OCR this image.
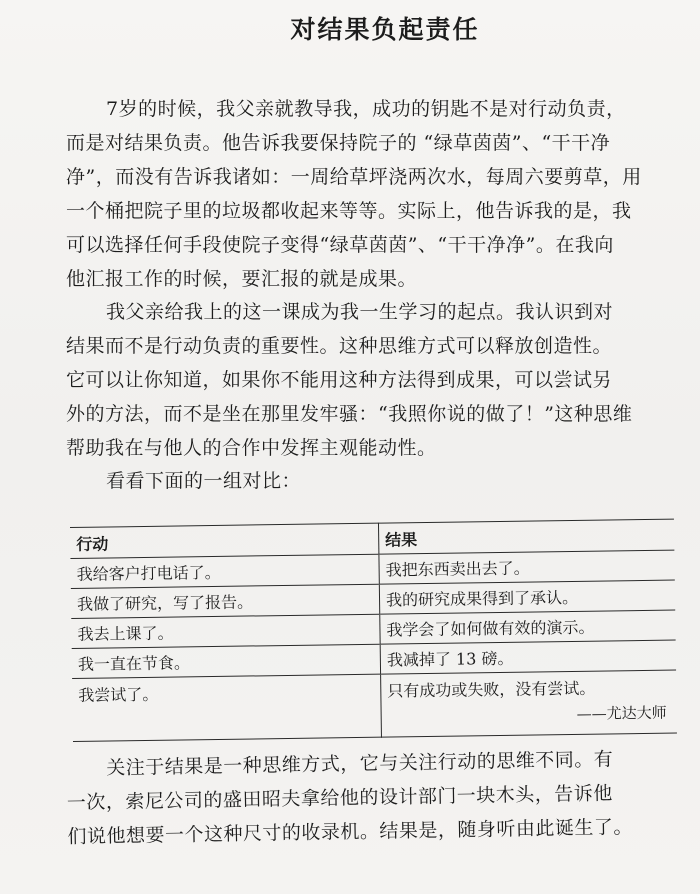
对结果负起责任
7岁的时候，我父亲就教导我，成功的钥匙不是对行动负责，
而是对结果负责。他告诉我要保持院子的 “绿草茵茵”、“干干净
净”，而没有告诉我诸如：一周给草坪浇两次水，每周六要剪草，用
一个桶把院子里的垃圾都收起来等等。实际上，他告诉我的是，我
可以选择任何手段使院子变得“绿草茵茵”、“干干净净”。在我向
他汇报工作的时候，要汇报的就是成果。
我父亲给我上的这一课成为我一生学习的起点。我认识到对
结果而不是行动负责的重要性。这种思维方式可以释放创造性。
它可以让你知道，如果你不能用这种方法得到成果，可以尝试另
外的方法，而不是坐在那里发牢骚：“我照你说的做了！”这种思维
帮助我在与他人的合作中发挥主观能动性。
看看下面的一组对比：
行动	结果
我给客户打电话了。	我把东西卖出去了。
我做了研究，写了报告。	我的研究成果得到了承认。
我去上课了。	我学会了如何做有效的演示。
我一直在节食。	我减掉了 13 磅。
我尝试了。	只有成功或失败，没有尝试。
——尤达大师
关注于结果是一种思维方式，它与关注行动的思维不同。有
一次，索尼公司的盛田昭夫拿给他的设计部门一块木头，告诉他
们说他想要一个这种尺寸的收录机。结果是，随身听由此诞生了。
